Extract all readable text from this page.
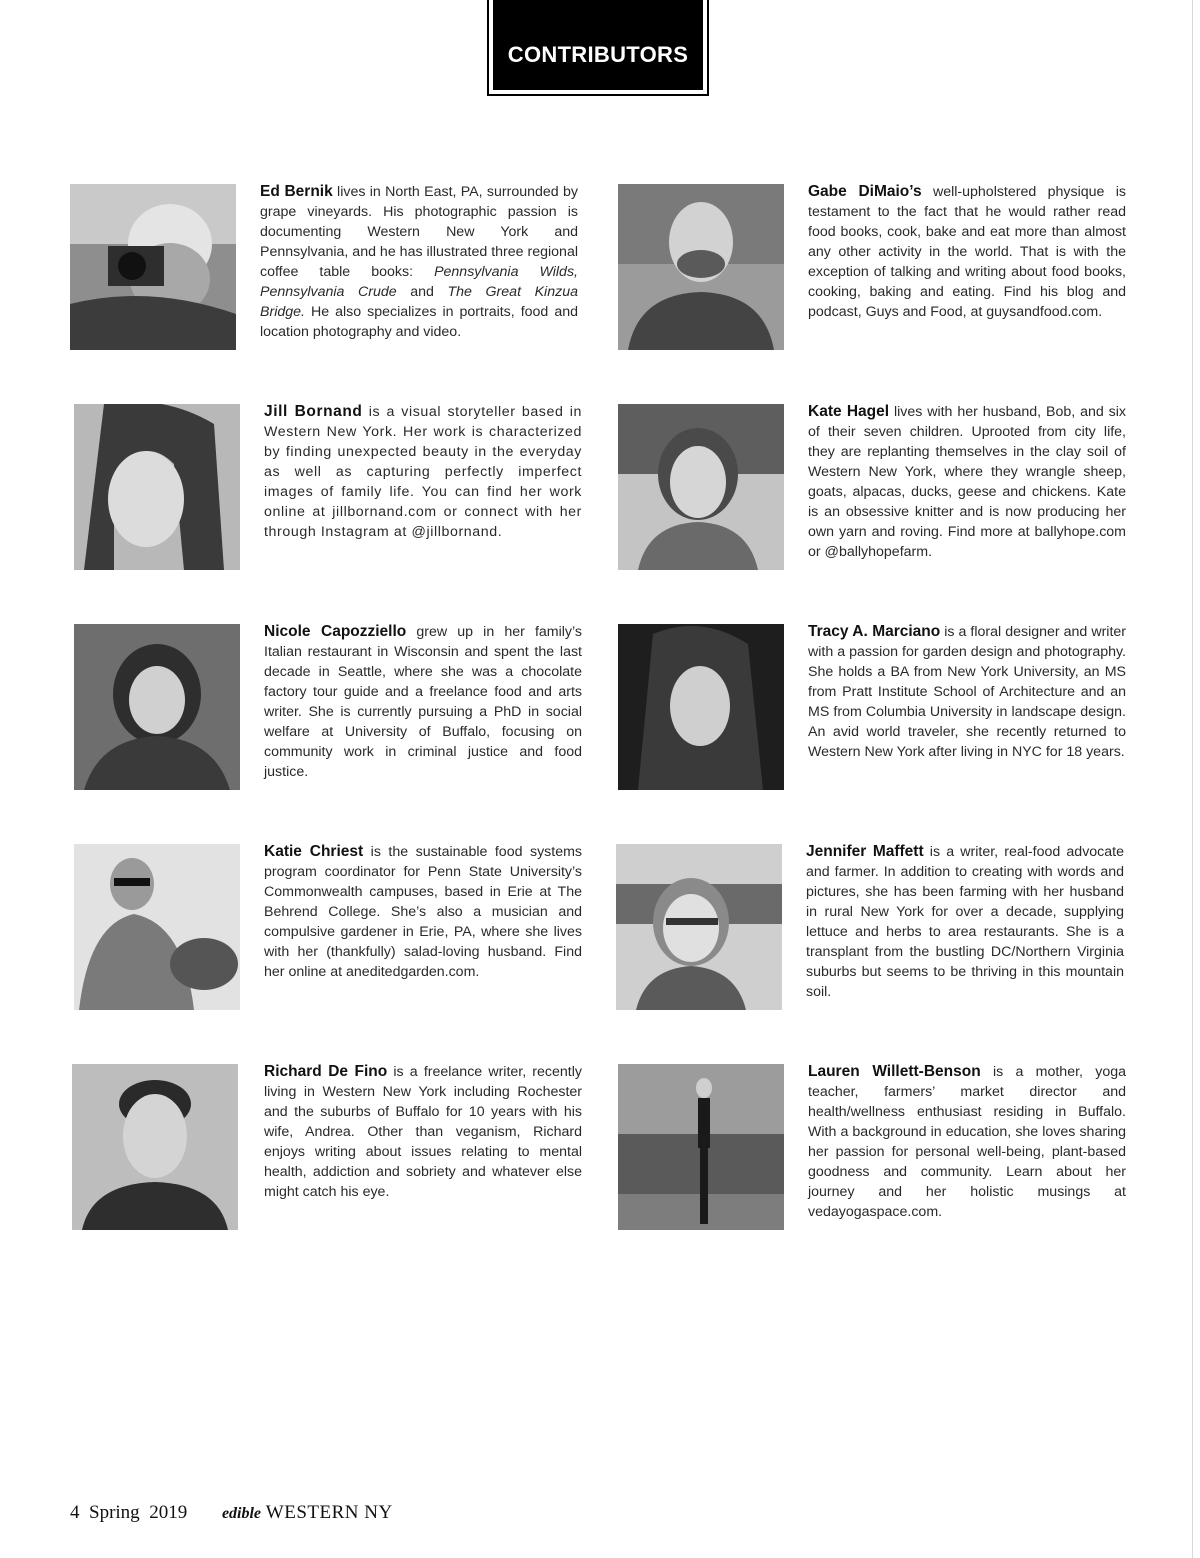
CONTRIBUTORS

Ed Bernik lives in North East, PA, surrounded by grape vineyards. His photographic passion is documenting Western New York and Pennsylvania, and he has illustrated three regional coffee table books: Pennsylvania Wilds, Pennsylvania Crude and The Great Kinzua Bridge. He also specializes in portraits, food and location photography and video.

Gabe DiMaio’s well-upholstered physique is testament to the fact that he would rather read food books, cook, bake and eat more than almost any other activity in the world. That is with the exception of talking and writing about food books, cooking, baking and eating. Find his blog and podcast, Guys and Food, at guysandfood.com.

Jill Bornand is a visual storyteller based in Western New York. Her work is characterized by finding unexpected beauty in the everyday as well as capturing perfectly imperfect images of family life. You can find her work online at jillbornand.com or connect with her through Instagram at @jillbornand.

Kate Hagel lives with her husband, Bob, and six of their seven children. Uprooted from city life, they are replanting themselves in the clay soil of Western New York, where they wrangle sheep, goats, alpacas, ducks, geese and chickens. Kate is an obsessive knitter and is now producing her own yarn and roving. Find more at ballyhope.com or @ballyhopefarm.

Nicole Capozziello grew up in her family’s Italian restaurant in Wisconsin and spent the last decade in Seattle, where she was a chocolate factory tour guide and a freelance food and arts writer. She is currently pursuing a PhD in social welfare at University of Buffalo, focusing on community work in criminal justice and food justice.

Tracy A. Marciano is a floral designer and writer with a passion for garden design and photography. She holds a BA from New York University, an MS from Pratt Institute School of Architecture and an MS from Columbia University in landscape design. An avid world traveler, she recently returned to Western New York after living in NYC for 18 years.

Katie Chriest is the sustainable food systems program coordinator for Penn State University’s Commonwealth campuses, based in Erie at The Behrend College. She’s also a musician and compulsive gardener in Erie, PA, where she lives with her (thankfully) salad-loving husband. Find her online at aneditedgarden.com.

Jennifer Maffett is a writer, real-food advocate and farmer. In addition to creating with words and pictures, she has been farming with her husband in rural New York for over a decade, supplying lettuce and herbs to area restaurants. She is a transplant from the bustling DC/Northern Virginia suburbs but seems to be thriving in this mountain soil.

Richard De Fino is a freelance writer, recently living in Western New York including Rochester and the suburbs of Buffalo for 10 years with his wife, Andrea. Other than veganism, Richard enjoys writing about issues relating to mental health, addiction and sobriety and whatever else might catch his eye.

Lauren Willett-Benson is a mother, yoga teacher, farmers’ market director and health/wellness enthusiast residing in Buffalo. With a background in education, she loves sharing her passion for personal well-being, plant-based goodness and community. Learn about her journey and her holistic musings at vedayogaspace.com.

4 Spring 2019 edible WESTERN NY
